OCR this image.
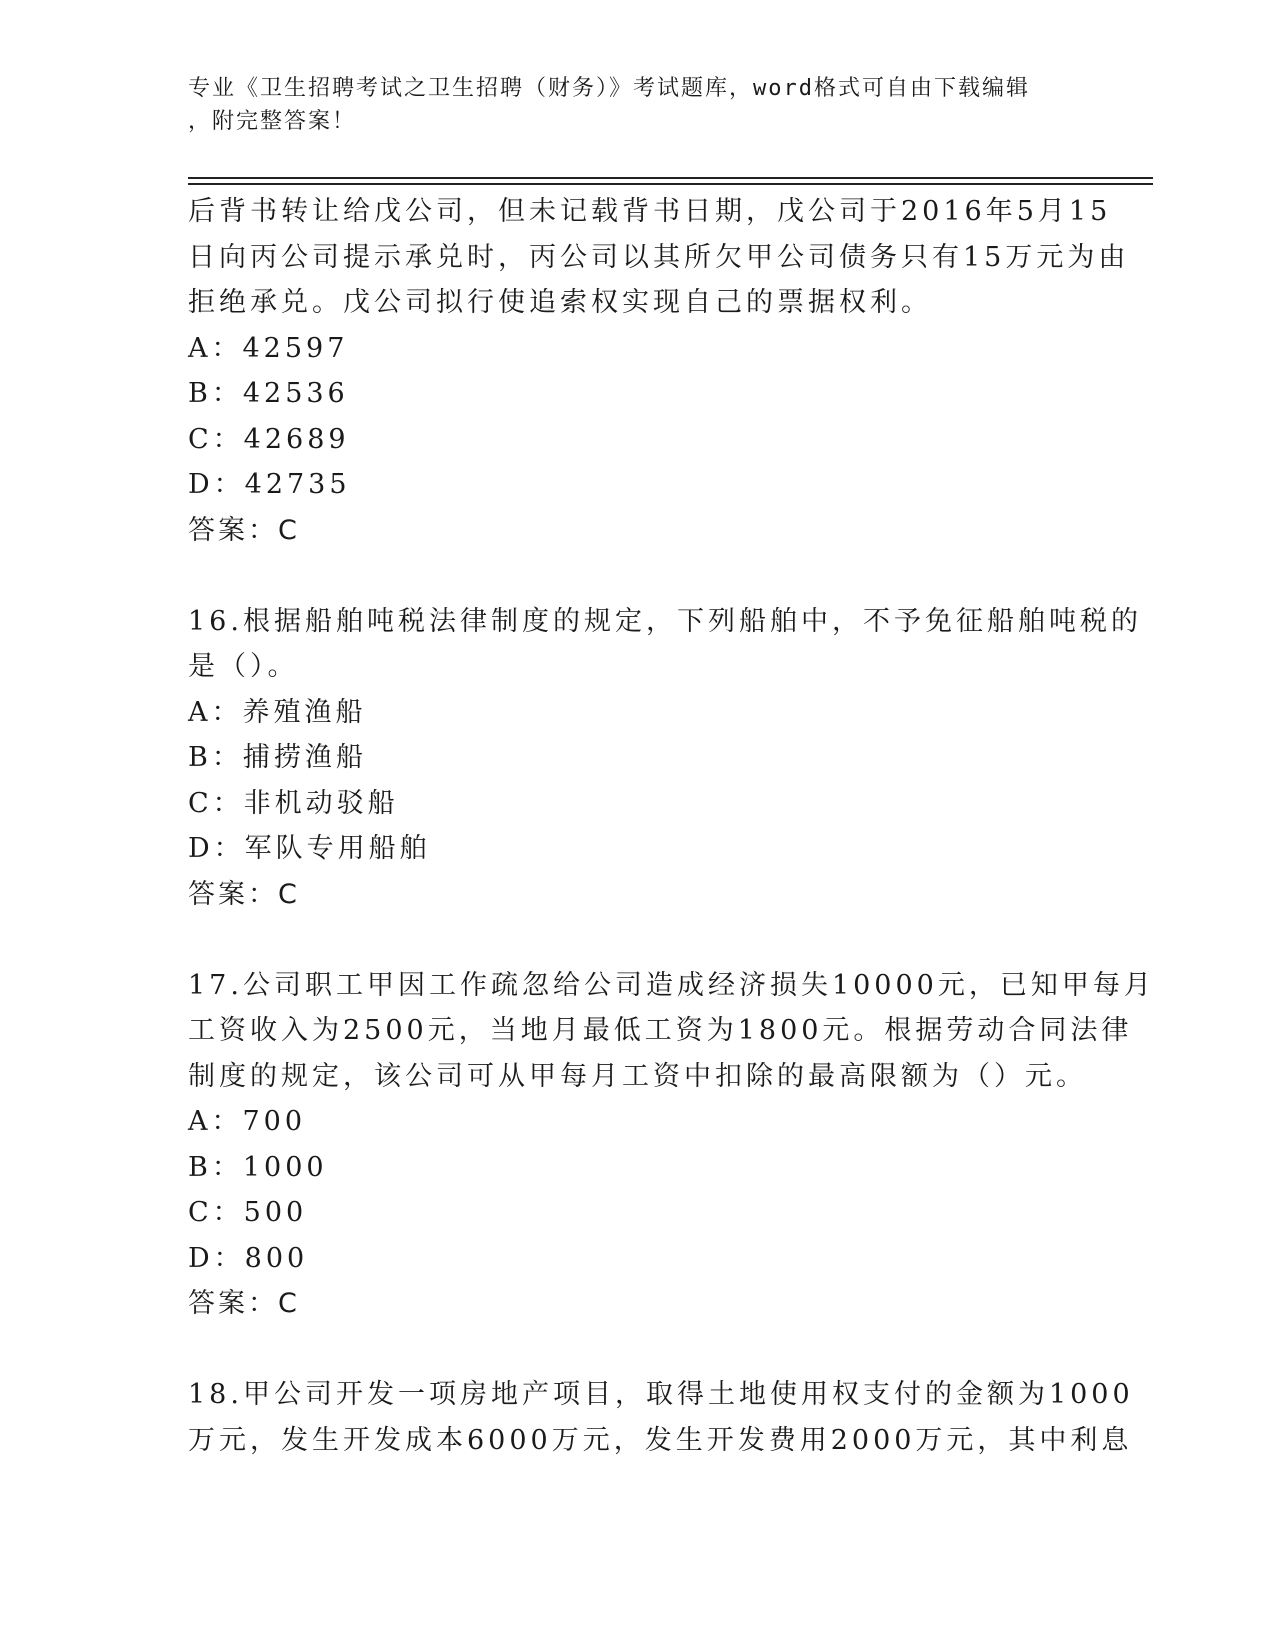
专业《卫生招聘考试之卫生招聘（财务）》考试题库，word格式可自由下载编辑
，附完整答案！
后背书转让给戊公司，但未记载背书日期，戊公司于2016年5月15
日向丙公司提示承兑时，丙公司以其所欠甲公司债务只有15万元为由
拒绝承兑。戊公司拟行使追索权实现自己的票据权利。
A：42597
B：42536
C：42689
D：42735
答案：C
16.根据船舶吨税法律制度的规定，下列船舶中，不予免征船舶吨税的
是（）。
A：养殖渔船
B：捕捞渔船
C：非机动驳船
D：军队专用船舶
答案：C
17.公司职工甲因工作疏忽给公司造成经济损失10000元，已知甲每月
工资收入为2500元，当地月最低工资为1800元。根据劳动合同法律
制度的规定，该公司可从甲每月工资中扣除的最高限额为（）元。
A：700
B：1000
C：500
D：800
答案：C
18.甲公司开发一项房地产项目，取得土地使用权支付的金额为1000
万元，发生开发成本6000万元，发生开发费用2000万元，其中利息
